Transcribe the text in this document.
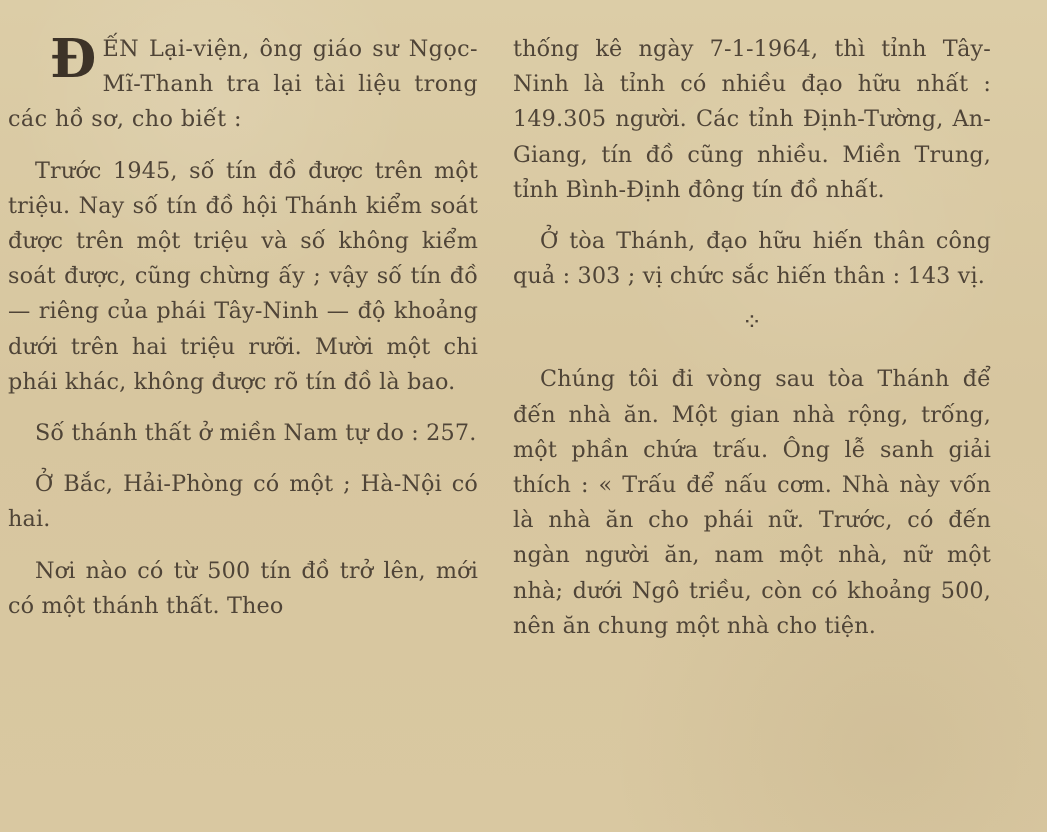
Đ ẾN Lại-viện, ông giáo sư Ngọc-Mĩ-Thanh tra lại tài liệu trong các hồ sơ, cho biết :

Trước 1945, số tín đồ được trên một triệu. Nay số tín đồ hội Thánh kiểm soát được trên một triệu và số không kiểm soát được, cũng chừng ấy ; vậy số tín đồ — riêng của phái Tây-Ninh — độ khoảng dưới trên hai triệu rưỡi. Mười một chi phái khác, không được rõ tín đồ là bao.

Số thánh thất ở miền Nam tự do : 257.

Ở Bắc, Hải-Phòng có một ; Hà-Nội có hai.

Nơi nào có từ 500 tín đồ trở lên, mới có một thánh thất. Theo

thống kê ngày 7-1-1964, thì tỉnh Tây-Ninh là tỉnh có nhiều đạo hữu nhất : 149.305 người. Các tỉnh Định-Tường, An-Giang, tín đồ cũng nhiều. Miền Trung, tỉnh Bình-Định đông tín đồ nhất.

Ở tòa Thánh, đạo hữu hiến thân công quả : 303 ; vị chức sắc hiến thân : 143 vị.

⁘

Chúng tôi đi vòng sau tòa Thánh để đến nhà ăn. Một gian nhà rộng, trống, một phần chứa trấu. Ông lễ sanh giải thích : « Trấu để nấu cơm. Nhà này vốn là nhà ăn cho phái nữ. Trước, có đến ngàn người ăn, nam một nhà, nữ một nhà; dưới Ngô triều, còn có khoảng 500, nên ăn chung một nhà cho tiện.
